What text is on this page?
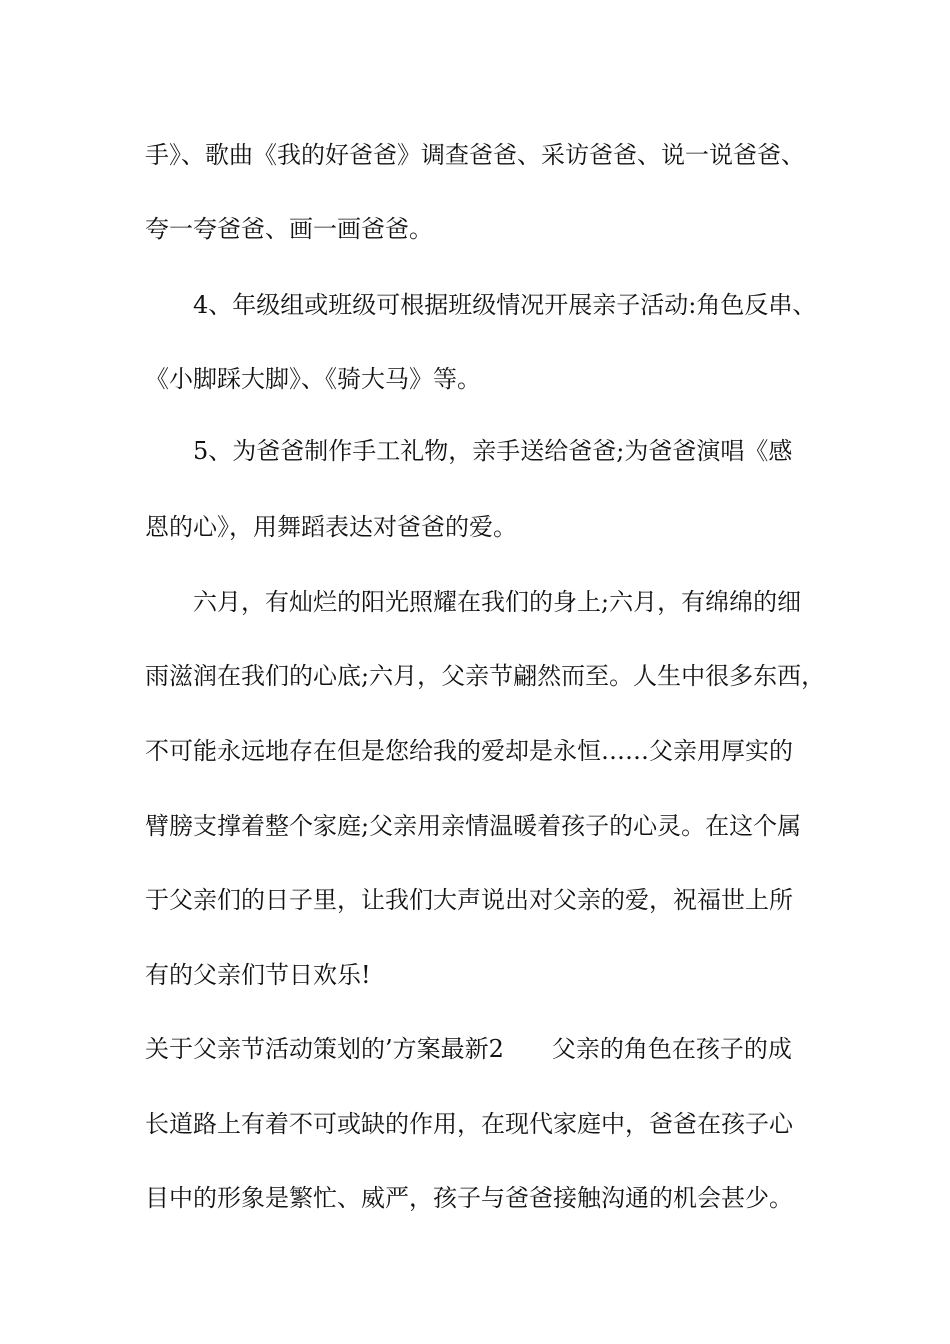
手》、歌曲《我的好爸爸》调查爸爸、采访爸爸、说一说爸爸、

夸一夸爸爸、画一画爸爸。

4、年级组或班级可根据班级情况开展亲子活动:角色反串、

《小脚踩大脚》、《骑大马》等。

5、为爸爸制作手工礼物，亲手送给爸爸;为爸爸演唱《感

恩的心》，用舞蹈表达对爸爸的爱。

六月，有灿烂的阳光照耀在我们的身上;六月，有绵绵的细

雨滋润在我们的心底;六月，父亲节翩然而至。人生中很多东西，

不可能永远地存在但是您给我的爱却是永恒……父亲用厚实的

臂膀支撑着整个家庭;父亲用亲情温暖着孩子的心灵。在这个属

于父亲们的日子里，让我们大声说出对父亲的爱，祝福世上所

有的父亲们节日欢乐!

关于父亲节活动策划的’方案最新2　　父亲的角色在孩子的成

长道路上有着不可或缺的作用，在现代家庭中，爸爸在孩子心

目中的形象是繁忙、威严，孩子与爸爸接触沟通的机会甚少。
